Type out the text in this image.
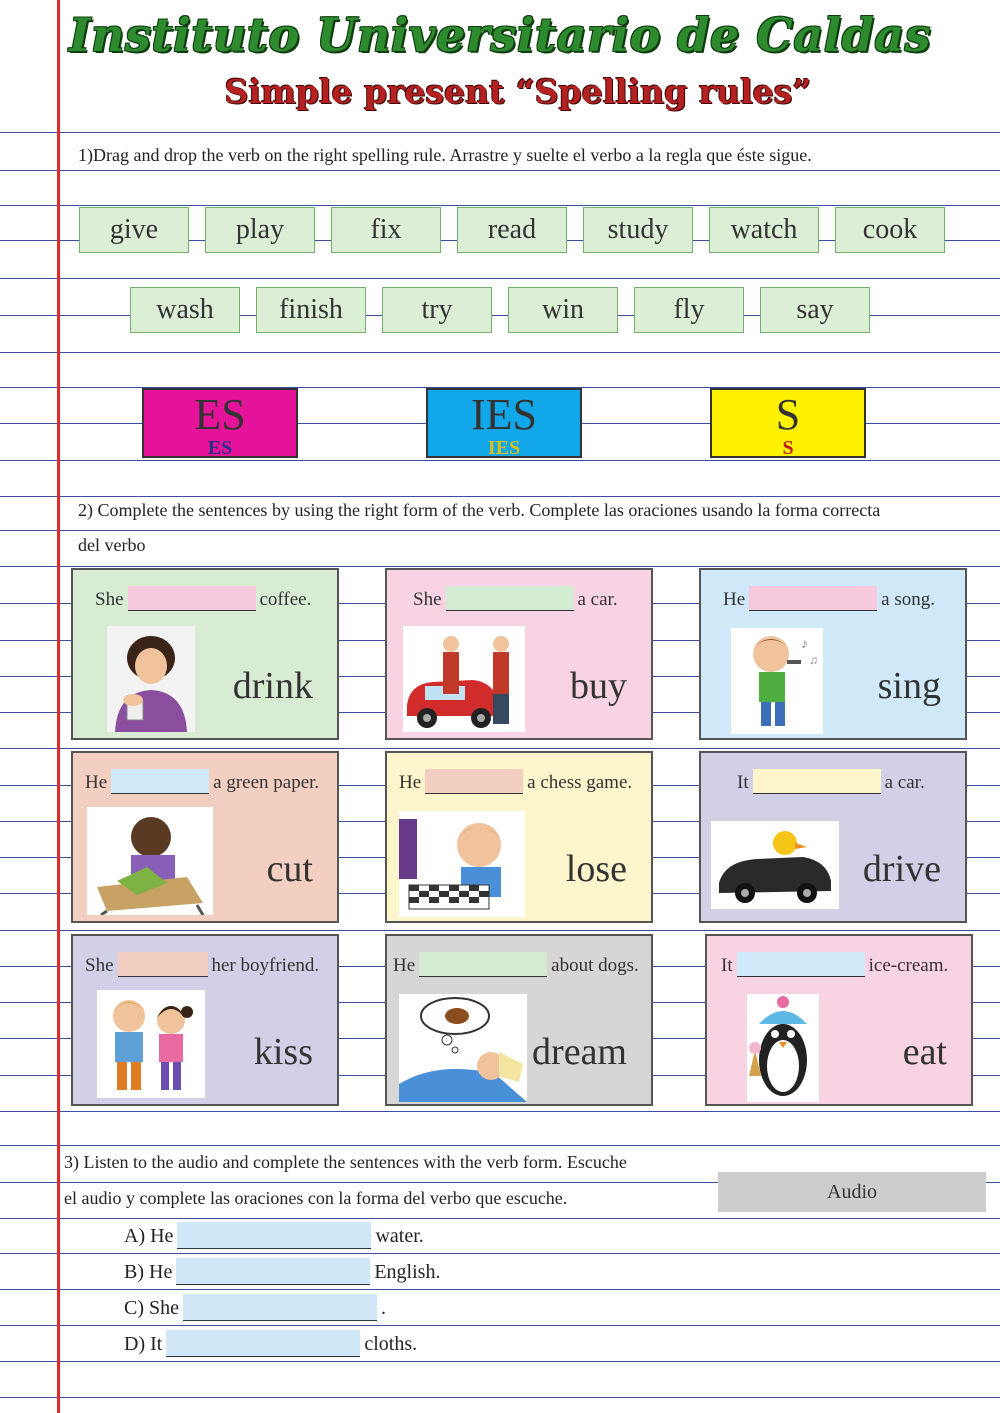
Instituto Universitario de Caldas
Simple present “Spelling rules”
1)Drag and drop the verb on the right spelling rule. Arrastre y suelte el verbo a la regla que éste sigue.
give	play	fix	read	study	watch	cook
wash	finish	try	win	fly	say
ES
ES
IES
IES
S
S
2) Complete the sentences by using the right form of the verb. Complete las oraciones usando la forma correcta
del verbo
She	coffee.
drink
She	a car.
buy
He	a song.
♪
♫
sing
He	a green paper.
cut
He	a chess game.
lose
It	a car.
drive
She	her boyfriend.
kiss
He	about dogs.
dream
It	ice-cream.
eat
3) Listen to the audio and complete the sentences with the verb form. Escuche
el audio y complete las oraciones con la forma del verbo que escuche.	Audio
A) He	water.
B) He	English.
C) She	.
D) It	cloths.
